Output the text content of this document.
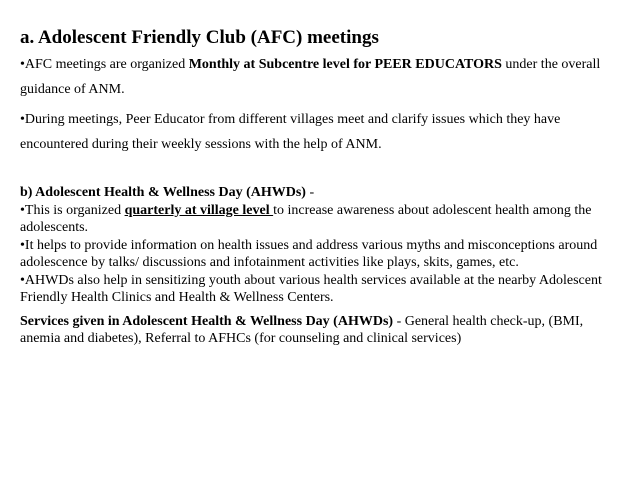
a. Adolescent Friendly Club (AFC) meetings

•AFC meetings are organized Monthly at Subcentre level for PEER EDUCATORS under the overall guidance of ANM.

•During meetings, Peer Educator from different villages meet and clarify issues which they have encountered during their weekly sessions with the help of ANM.

b) Adolescent Health & Wellness Day (AHWDs) -

•This is organized quarterly at village level to increase awareness about adolescent health among the adolescents.

•It helps to provide information on health issues and address various myths and misconceptions around adolescence by talks/ discussions and infotainment activities like plays, skits, games, etc.

•AHWDs also help in sensitizing youth about various health services available at the nearby Adolescent Friendly Health Clinics and Health & Wellness Centers.

Services given in Adolescent Health & Wellness Day (AHWDs) - General health check-up, (BMI, anemia and diabetes), Referral to AFHCs (for counseling and clinical services)
